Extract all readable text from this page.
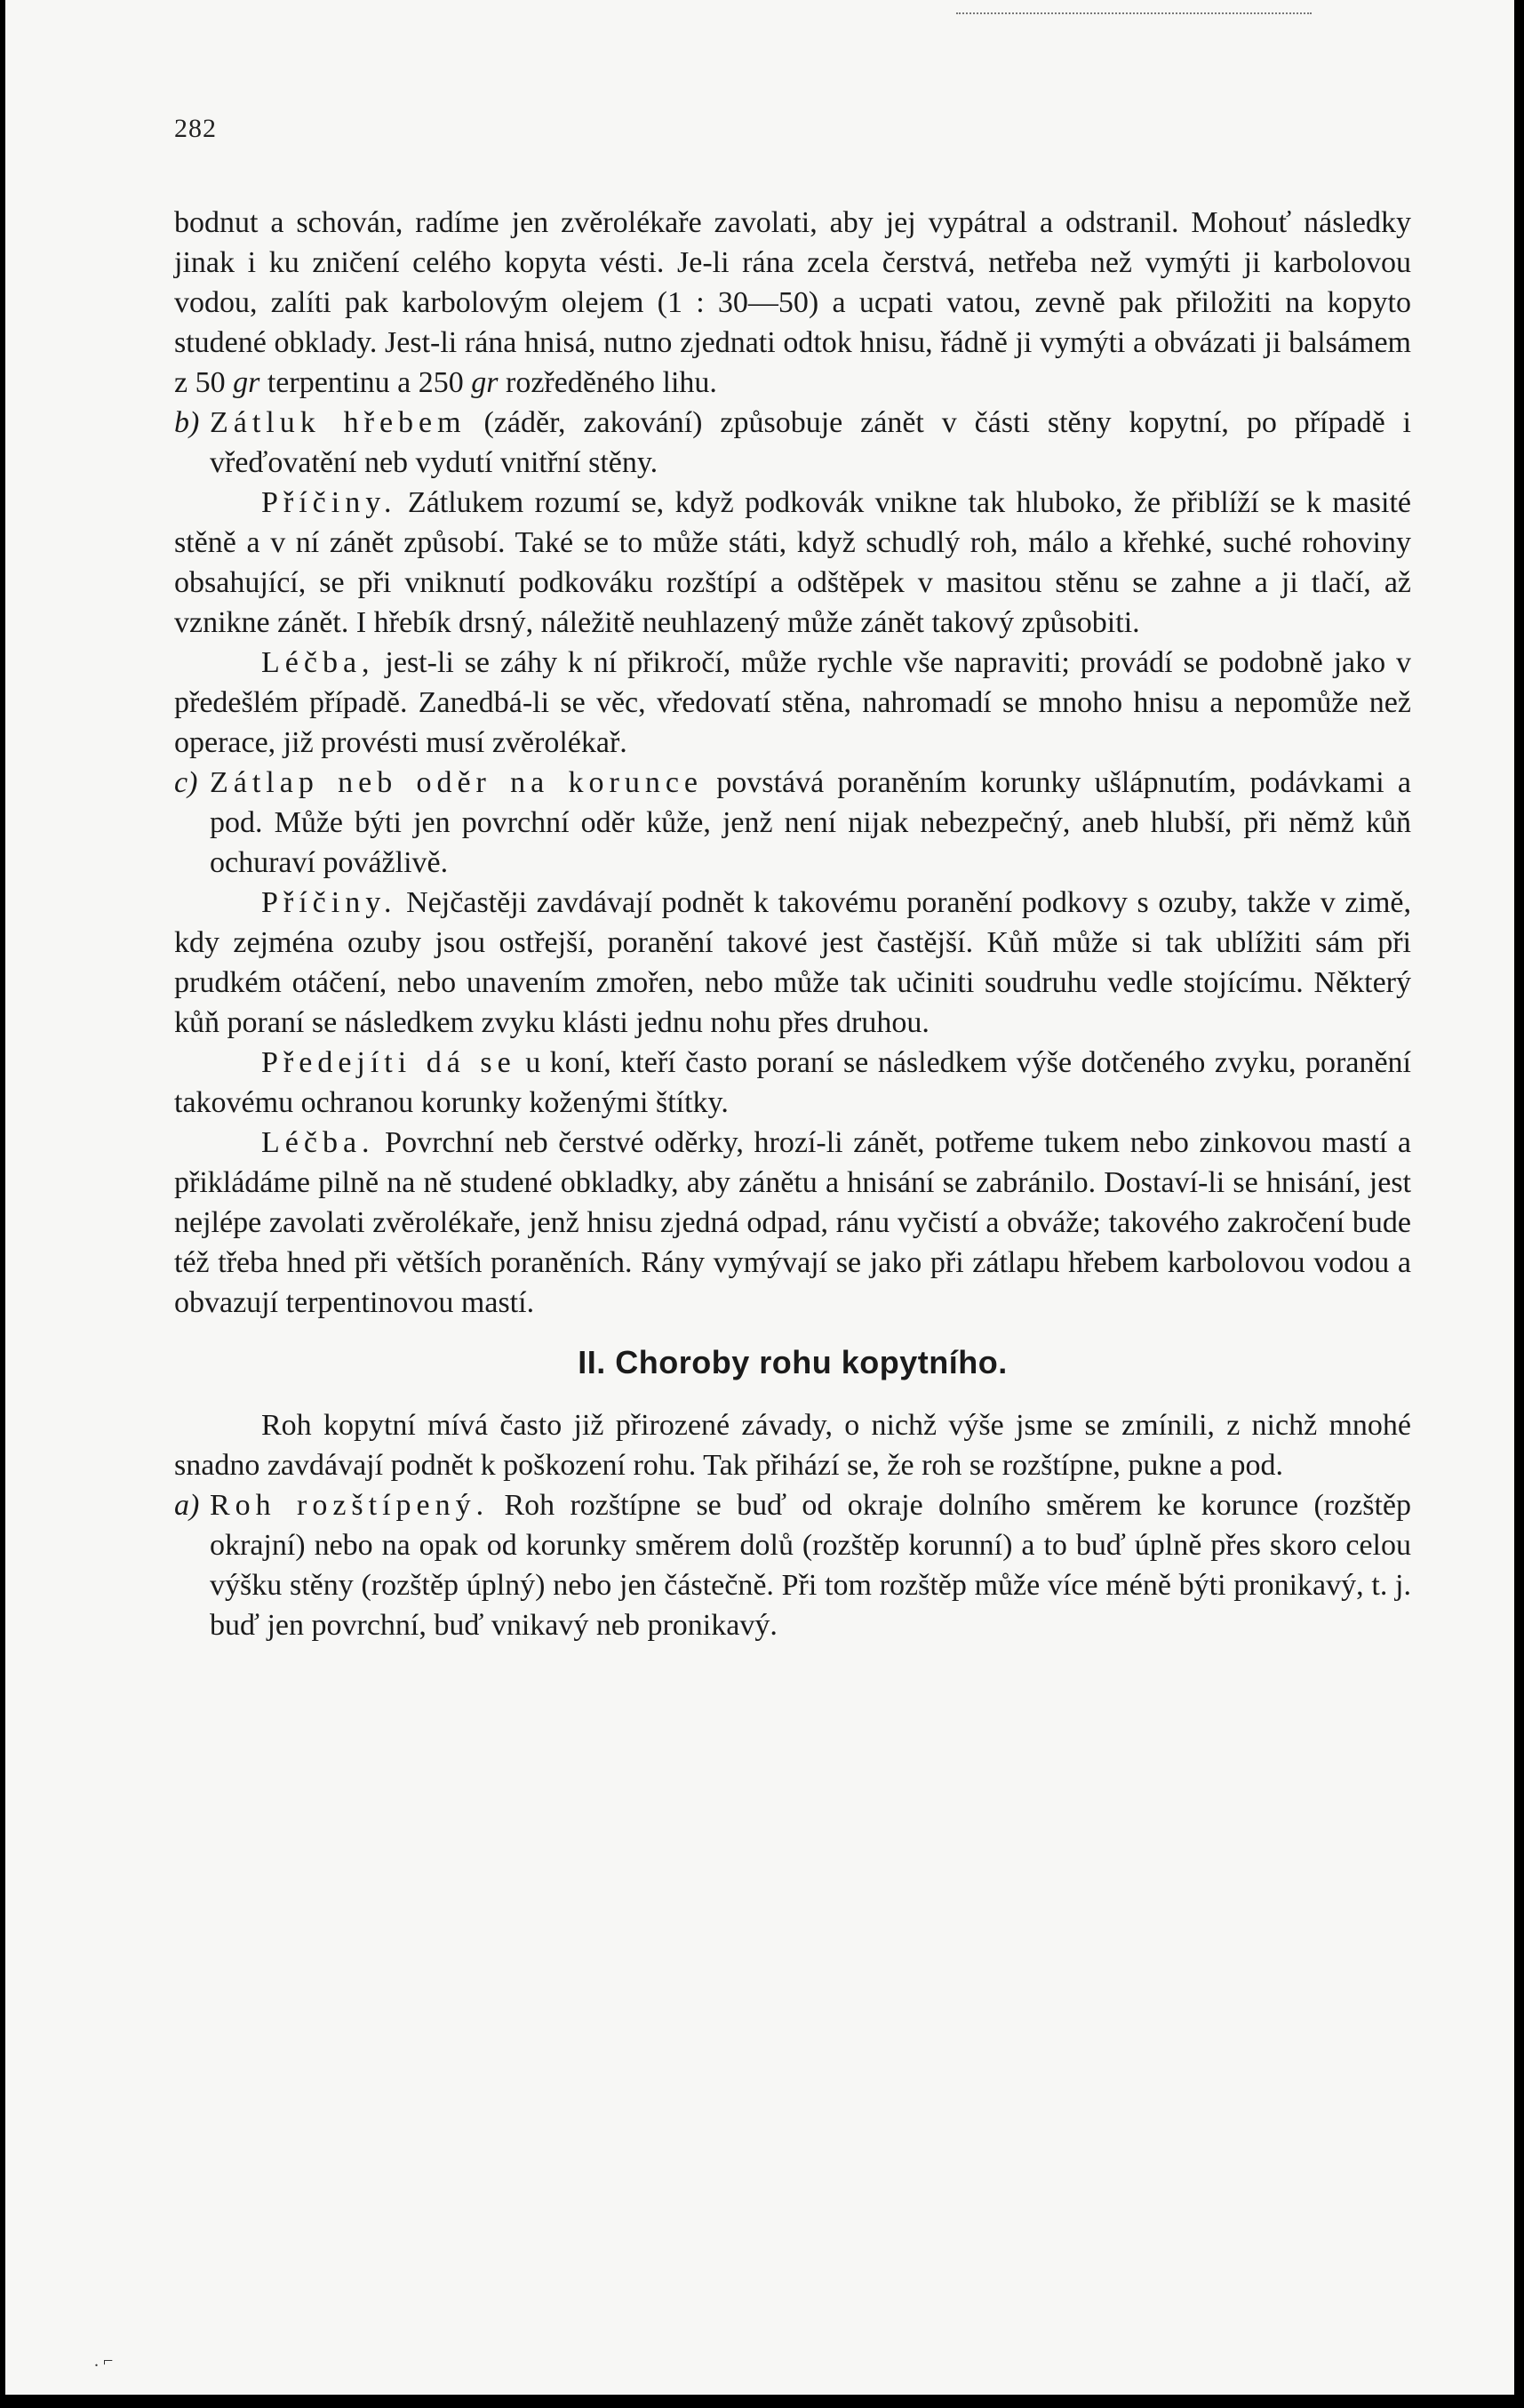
282

bodnut a schován, radíme jen zvěrolékaře zavolati, aby jej vypátral a odstranil. Mohouť následky jinak i ku zničení celého kopyta vésti. Je-li rána zcela čerstvá, netřeba než vymýti ji karbolovou vodou, zalíti pak karbolovým olejem (1 : 30—50) a ucpati vatou, zevně pak přiložiti na kopyto studené obklady. Jest-li rána hnisá, nutno zjednati odtok hnisu, řádně ji vymýti a obvázati ji balsámem z 50 gr terpentinu a 250 gr rozředěného lihu.

b) Zátluk hřebem (záděr, zakování) způsobuje zánět v části stěny kopytní, po případě i vřeďovatění neb vydutí vnitřní stěny.

Příčiny. Zátlukem rozumí se, když podkovák vnikne tak hluboko, že přiblíží se k masité stěně a v ní zánět způsobí. Také se to může státi, když schudlý roh, málo a křehké, suché rohoviny obsahující, se při vniknutí podkováku rozštípí a odštěpek v masitou stěnu se zahne a ji tlačí, až vznikne zánět. I hřebík drsný, náležitě neuhlazený může zánět takový způsobiti.

Léčba, jest-li se záhy k ní přikročí, může rychle vše napraviti; provádí se podobně jako v předešlém případě. Zanedbá-li se věc, vředovatí stěna, nahromadí se mnoho hnisu a nepomůže než operace, již provésti musí zvěrolékař.

c) Zátlap neb oděr na korunce povstává poraněním korunky ušlápnutím, podávkami a pod. Může býti jen povrchní oděr kůže, jenž není nijak nebezpečný, aneb hlubší, při němž kůň ochuraví povážlivě.

Příčiny. Nejčastěji zavdávají podnět k takovému poranění podkovy s ozuby, takže v zimě, kdy zejména ozuby jsou ostřejší, poranění takové jest častější. Kůň může si tak ublížiti sám při prudkém otáčení, nebo unavením zmořen, nebo může tak učiniti soudruhu vedle stojícímu. Některý kůň poraní se následkem zvyku klásti jednu nohu přes druhou.

Předejíti dá se u koní, kteří často poraní se následkem výše dotčeného zvyku, poranění takovému ochranou korunky koženými štítky.

Léčba. Povrchní neb čerstvé oděrky, hrozí-li zánět, potřeme tukem nebo zinkovou mastí a přikládáme pilně na ně studené obkladky, aby zánětu a hnisání se zabránilo. Dostaví-li se hnisání, jest nejlépe zavolati zvěrolékaře, jenž hnisu zjedná odpad, ránu vyčistí a obváže; takového zakročení bude též třeba hned při větších poraněních. Rány vymývají se jako při zátlapu hřebem karbolovou vodou a obvazují terpentinovou mastí.

II. Choroby rohu kopytního.

Roh kopytní mívá často již přirozené závady, o nichž výše jsme se zmínili, z nichž mnohé snadno zavdávají podnět k poškození rohu. Tak přihází se, že roh se rozštípne, pukne a pod.

a) Roh rozštípený. Roh rozštípne se buď od okraje dolního směrem ke korunce (rozštěp okrajní) nebo na opak od korunky směrem dolů (rozštěp korunní) a to buď úplně přes skoro celou výšku stěny (rozštěp úplný) nebo jen částečně. Při tom rozštěp může více méně býti pronikavý, t. j. buď jen povrchní, buď vnikavý neb pronikavý.

. ⌐
